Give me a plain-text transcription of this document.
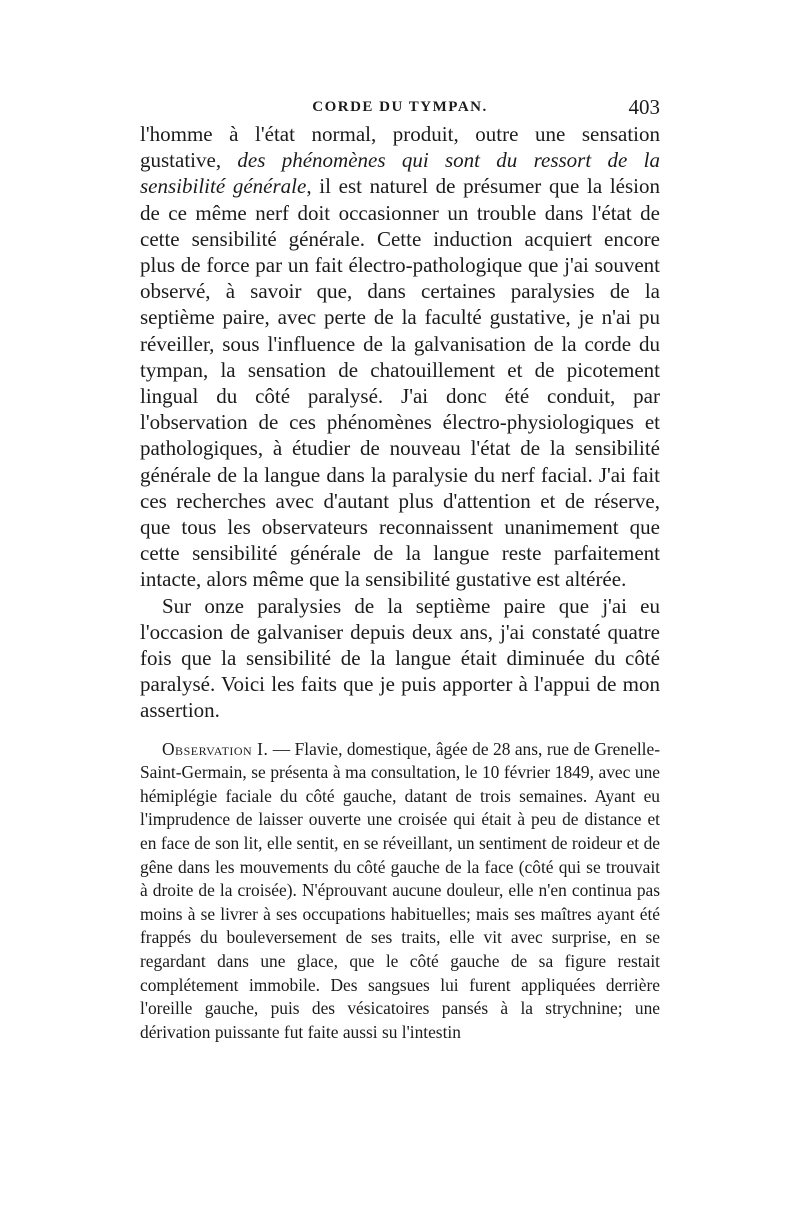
CORDE DU TYMPAN.	403

l'homme à l'état normal, produit, outre une sensation gustative, des phénomènes qui sont du ressort de la sensibilité générale, il est naturel de présumer que la lésion de ce même nerf doit occasionner un trouble dans l'état de cette sensibilité générale. Cette induction acquiert encore plus de force par un fait électro-pathologique que j'ai souvent observé, à savoir que, dans certaines paralysies de la septième paire, avec perte de la faculté gustative, je n'ai pu réveiller, sous l'influence de la galvanisation de la corde du tympan, la sensation de chatouillement et de picotement lingual du côté paralysé. J'ai donc été conduit, par l'observation de ces phénomènes électro-physiologiques et pathologiques, à étudier de nouveau l'état de la sensibilité générale de la langue dans la paralysie du nerf facial. J'ai fait ces recherches avec d'autant plus d'attention et de réserve, que tous les observateurs reconnaissent unanimement que cette sensibilité générale de la langue reste parfaitement intacte, alors même que la sensibilité gustative est altérée.

Sur onze paralysies de la septième paire que j'ai eu l'occasion de galvaniser depuis deux ans, j'ai constaté quatre fois que la sensibilité de la langue était diminuée du côté paralysé. Voici les faits que je puis apporter à l'appui de mon assertion.

Observation I. — Flavie, domestique, âgée de 28 ans, rue de Grenelle-Saint-Germain, se présenta à ma consultation, le 10 février 1849, avec une hémiplégie faciale du côté gauche, datant de trois semaines. Ayant eu l'imprudence de laisser ouverte une croisée qui était à peu de distance et en face de son lit, elle sentit, en se réveillant, un sentiment de roideur et de gêne dans les mouvements du côté gauche de la face (côté qui se trouvait à droite de la croisée). N'éprouvant aucune douleur, elle n'en continua pas moins à se livrer à ses occupations habituelles; mais ses maîtres ayant été frappés du bouleversement de ses traits, elle vit avec surprise, en se regardant dans une glace, que le côté gauche de sa figure restait complétement immobile. Des sangsues lui furent appliquées derrière l'oreille gauche, puis des vésicatoires pansés à la strychnine; une dérivation puissante fut faite aussi su l'intestin
